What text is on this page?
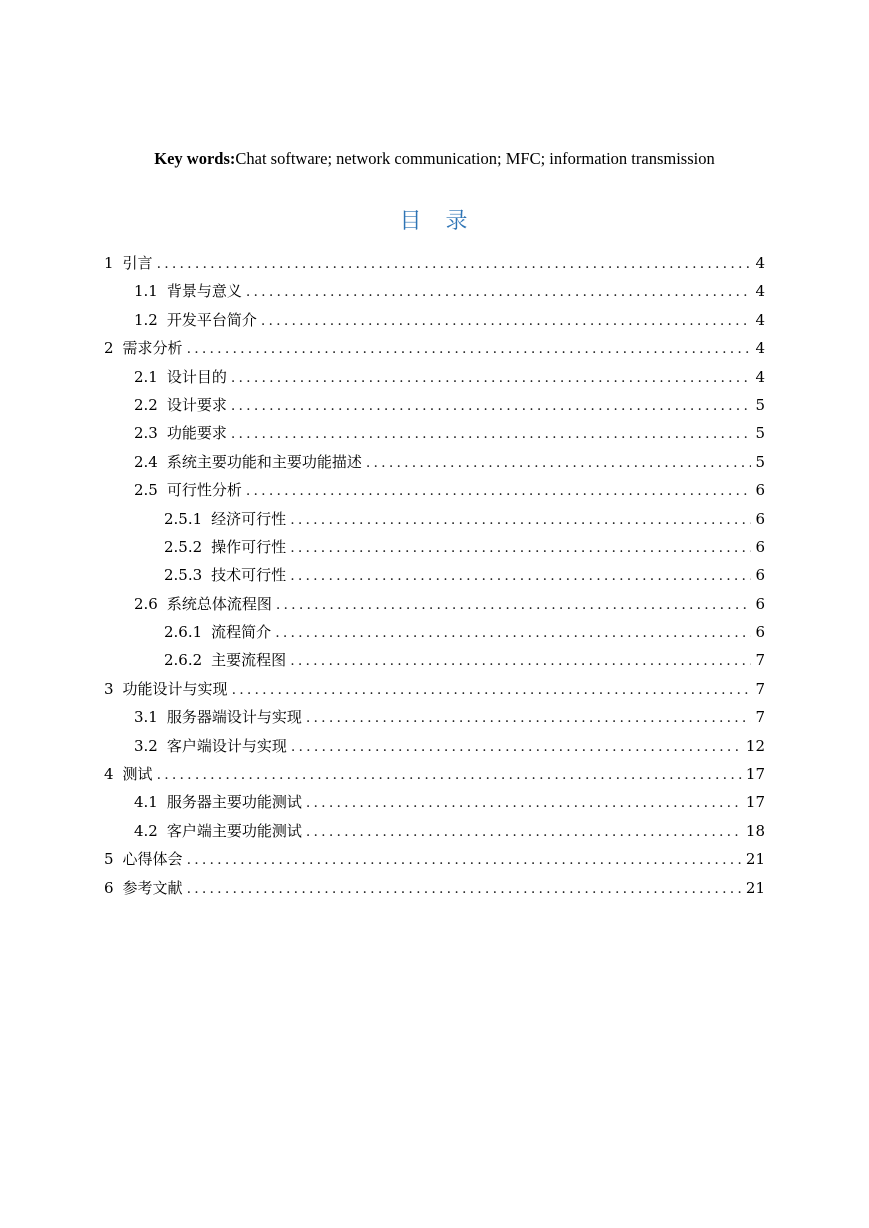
Key words:Chat software; network communication; MFC; information transmission
目 录
1 引言 .....	4
1.1 背景与意义 .....	4
1.2 开发平台简介 .....	4
2 需求分析 .....	4
2.1 设计目的 .....	4
2.2 设计要求 .....	5
2.3 功能要求 .....	5
2.4 系统主要功能和主要功能描述 .....	5
2.5 可行性分析 .....	6
2.5.1 经济可行性 .....	6
2.5.2 操作可行性 .....	6
2.5.3 技术可行性 .....	6
2.6 系统总体流程图 .....	6
2.6.1 流程简介 .....	6
2.6.2 主要流程图 .....	7
3 功能设计与实现 .....	7
3.1 服务器端设计与实现 .....	7
3.2 客户端设计与实现 .....	12
4 测试 .....	17
4.1 服务器主要功能测试 .....	17
4.2 客户端主要功能测试 .....	18
5 心得体会 .....	21
6 参考文献 .....	21
